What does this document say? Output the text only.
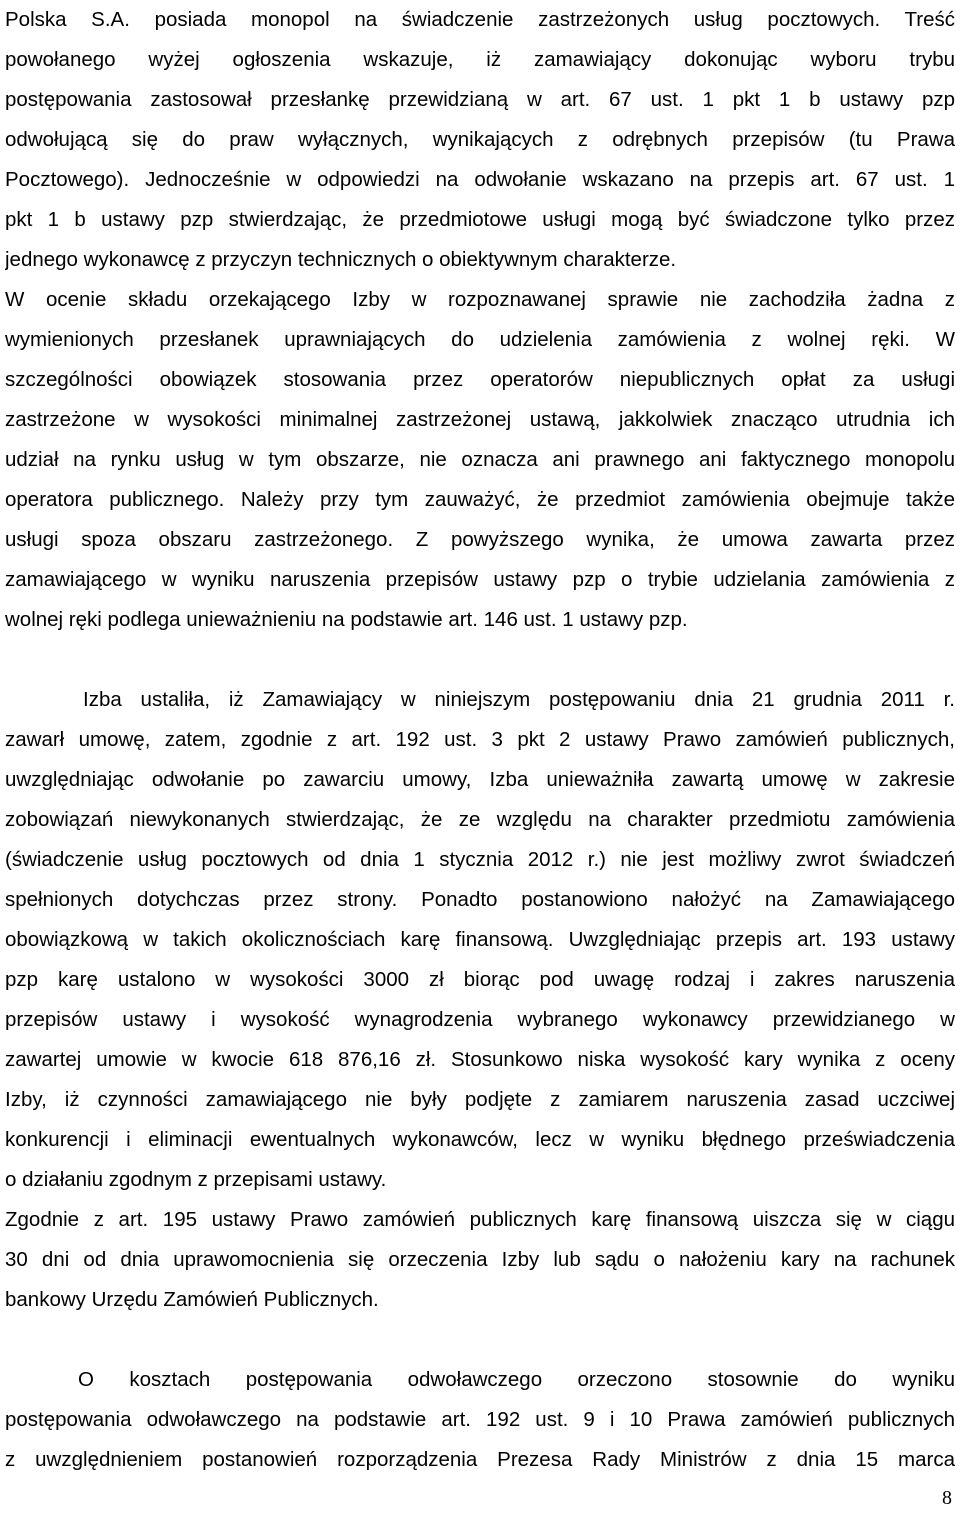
Polska S.A. posiada monopol na świadczenie zastrzeżonych usług pocztowych. Treść
powołanego wyżej ogłoszenia wskazuje, iż zamawiający dokonując wyboru trybu
postępowania zastosował przesłankę przewidzianą w art. 67 ust. 1 pkt 1 b ustawy pzp
odwołującą się do praw wyłącznych, wynikających z odrębnych przepisów (tu Prawa
Pocztowego). Jednocześnie w odpowiedzi na odwołanie wskazano na przepis art. 67 ust. 1
pkt 1 b ustawy pzp stwierdzając, że przedmiotowe usługi mogą być świadczone tylko przez
jednego wykonawcę z przyczyn technicznych o obiektywnym charakterze.
W ocenie składu orzekającego Izby w rozpoznawanej sprawie nie zachodziła żadna z
wymienionych przesłanek uprawniających do udzielenia zamówienia z wolnej ręki. W
szczególności obowiązek stosowania przez operatorów niepublicznych opłat za usługi
zastrzeżone w wysokości minimalnej zastrzeżonej ustawą, jakkolwiek znacząco utrudnia ich
udział na rynku usług w tym obszarze, nie oznacza ani prawnego ani faktycznego monopolu
operatora publicznego. Należy przy tym zauważyć, że przedmiot zamówienia obejmuje także
usługi spoza obszaru zastrzeżonego. Z powyższego wynika, że umowa zawarta przez
zamawiającego w wyniku naruszenia przepisów ustawy pzp o trybie udzielania zamówienia z
wolnej ręki podlega unieważnieniu na podstawie art. 146 ust. 1 ustawy pzp.
Izba ustaliła, iż Zamawiający w niniejszym postępowaniu dnia 21 grudnia 2011 r.
zawarł umowę, zatem, zgodnie z art. 192 ust. 3 pkt 2 ustawy Prawo zamówień publicznych,
uwzględniając odwołanie po zawarciu umowy, Izba unieważniła zawartą umowę w zakresie
zobowiązań niewykonanych stwierdzając, że ze względu na charakter przedmiotu zamówienia
(świadczenie usług pocztowych od dnia 1 stycznia 2012 r.) nie jest możliwy zwrot świadczeń
spełnionych dotychczas przez strony. Ponadto postanowiono nałożyć na Zamawiającego
obowiązkową w takich okolicznościach karę finansową. Uwzględniając przepis art. 193 ustawy
pzp karę ustalono w wysokości 3000 zł biorąc pod uwagę rodzaj i zakres naruszenia
przepisów ustawy i wysokość wynagrodzenia wybranego wykonawcy przewidzianego w
zawartej umowie w kwocie 618 876,16 zł. Stosunkowo niska wysokość kary wynika z oceny
Izby, iż czynności zamawiającego nie były podjęte z zamiarem naruszenia zasad uczciwej
konkurencji i eliminacji ewentualnych wykonawców, lecz w wyniku błędnego przeświadczenia
o działaniu zgodnym z przepisami ustawy.
Zgodnie z art. 195 ustawy Prawo zamówień publicznych karę finansową uiszcza się w ciągu
30 dni od dnia uprawomocnienia się orzeczenia Izby lub sądu o nałożeniu kary na rachunek
bankowy Urzędu Zamówień Publicznych.
O kosztach postępowania odwoławczego orzeczono stosownie do wyniku
postępowania odwoławczego na podstawie art. 192 ust. 9 i 10 Prawa zamówień publicznych
z uwzględnieniem postanowień rozporządzenia Prezesa Rady Ministrów z dnia 15 marca
8
